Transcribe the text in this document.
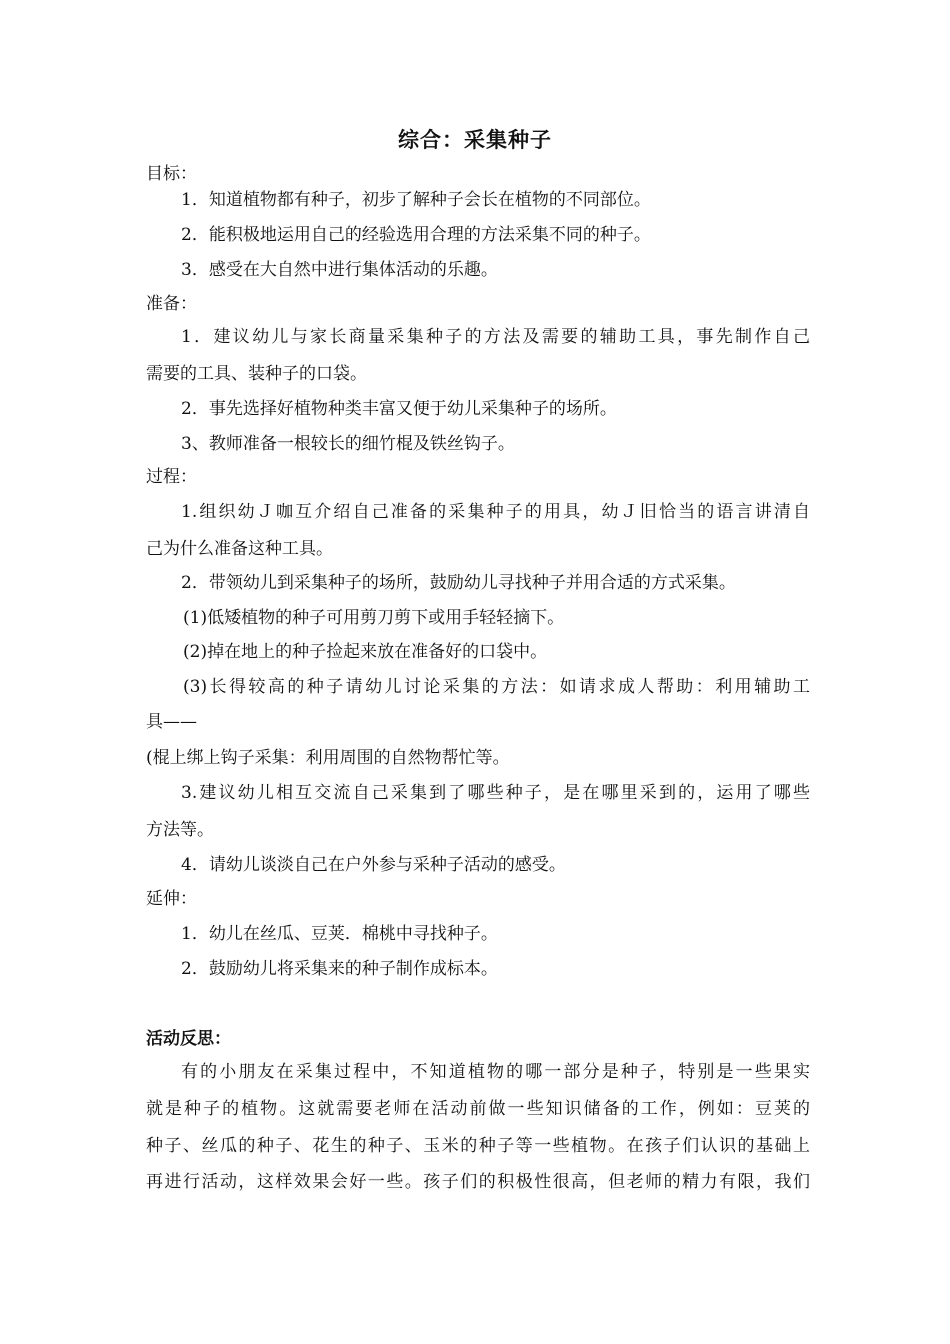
综合：采集种子
目标：
1．知道植物都有种子，初步了解种子会长在植物的不同部位。
2．能积极地运用自己的经验选用合理的方法采集不同的种子。
3．感受在大自然中进行集体活动的乐趣。
准备：
1．建议幼儿与家长商量采集种子的方法及需要的辅助工具，事先制作自己
需要的工具、装种子的口袋。
2．事先选择好植物种类丰富又便于幼儿采集种子的场所。
3、教师准备一根较长的细竹棍及铁丝钩子。
过程：
1.组织幼Ｊ咖互介绍自己准备的采集种子的用具，幼Ｊ旧恰当的语言讲清自
己为什么准备这种工具。
2．带领幼儿到采集种子的场所，鼓励幼儿寻找种子并用合适的方式采集。
(1)低矮植物的种子可用剪刀剪下或用手轻轻摘下。
(2)掉在地上的种子捡起来放在准备好的口袋中。
(3)长得较高的种子请幼儿讨论采集的方法：如请求成人帮助：利用辅助工
具——
(棍上绑上钩子采集：利用周围的自然物帮忙等。
3.建议幼儿相互交流自己采集到了哪些种子，是在哪里采到的，运用了哪些
方法等。
4．请幼儿谈淡自己在户外参与采种子活动的感受。
延伸：
1．幼儿在丝瓜、豆荚．棉桃中寻找种子。
2．鼓励幼儿将采集来的种子制作成标本。
活动反思：
有的小朋友在采集过程中，不知道植物的哪一部分是种子，特别是一些果实
就是种子的植物。这就需要老师在活动前做一些知识储备的工作，例如：豆荚的
种子、丝瓜的种子、花生的种子、玉米的种子等一些植物。在孩子们认识的基础上
再进行活动，这样效果会好一些。孩子们的积极性很高，但老师的精力有限，我们
